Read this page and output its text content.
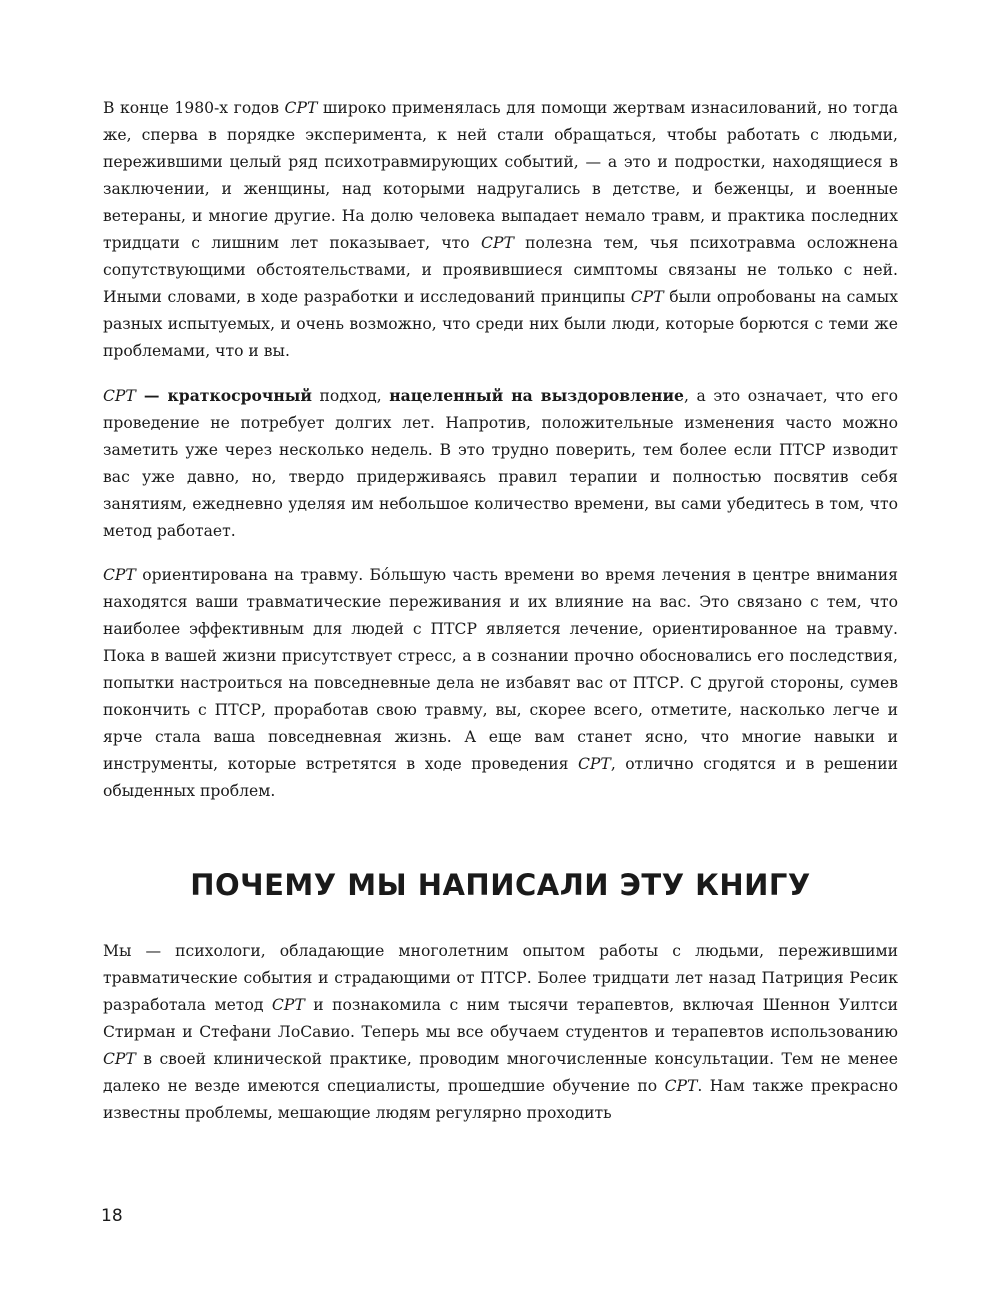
В конце 1980-х годов CPT широко применялась для помощи жертвам изнасилований, но тогда же, сперва в порядке эксперимента, к ней стали обращаться, чтобы работать с людьми, пережившими целый ряд психотравмирующих событий, — а это и подростки, находящиеся в заключении, и женщины, над которыми надругались в детстве, и беженцы, и военные ветераны, и многие другие. На долю человека выпадает немало травм, и практика последних тридцати с лишним лет показывает, что CPT полезна тем, чья психотравма осложнена сопутствующими обстоятельствами, и проявившиеся симптомы связаны не только с ней. Иными словами, в ходе разработки и исследований принципы CPT были опробованы на самых разных испытуемых, и очень возможно, что среди них были люди, которые борются с теми же проблемами, что и вы.

CPT — краткосрочный подход, нацеленный на выздоровление, а это означает, что его проведение не потребует долгих лет. Напротив, положительные изменения часто можно заметить уже через несколько недель. В это трудно поверить, тем более если ПТСР изводит вас уже давно, но, твердо придерживаясь правил терапии и полностью посвятив себя занятиям, ежедневно уделяя им небольшое количество времени, вы сами убедитесь в том, что метод работает.

CPT ориентирована на травму. Бо́льшую часть времени во время лечения в центре внимания находятся ваши травматические переживания и их влияние на вас. Это связано с тем, что наиболее эффективным для людей с ПТСР является лечение, ориентированное на травму. Пока в вашей жизни присутствует стресс, а в сознании прочно обосновались его последствия, попытки настроиться на повседневные дела не избавят вас от ПТСР. С другой стороны, сумев покончить с ПТСР, проработав свою травму, вы, скорее всего, отметите, насколько легче и ярче стала ваша повседневная жизнь. А еще вам станет ясно, что многие навыки и инструменты, которые встретятся в ходе проведения CPT, отлично сгодятся и в решении обыденных проблем.

ПОЧЕМУ МЫ НАПИСАЛИ ЭТУ КНИГУ

Мы — психологи, обладающие многолетним опытом работы с людьми, пережившими травматические события и страдающими от ПТСР. Более тридцати лет назад Патриция Ресик разработала метод CPT и познакомила с ним тысячи терапевтов, включая Шеннон Уилтси Стирман и Стефани ЛоСавио. Теперь мы все обучаем студентов и терапевтов использованию CPT в своей клинической практике, проводим многочисленные консультации. Тем не менее далеко не везде имеются специалисты, прошедшие обучение по CPT. Нам также прекрасно известны проблемы, мешающие людям регулярно проходить

18
